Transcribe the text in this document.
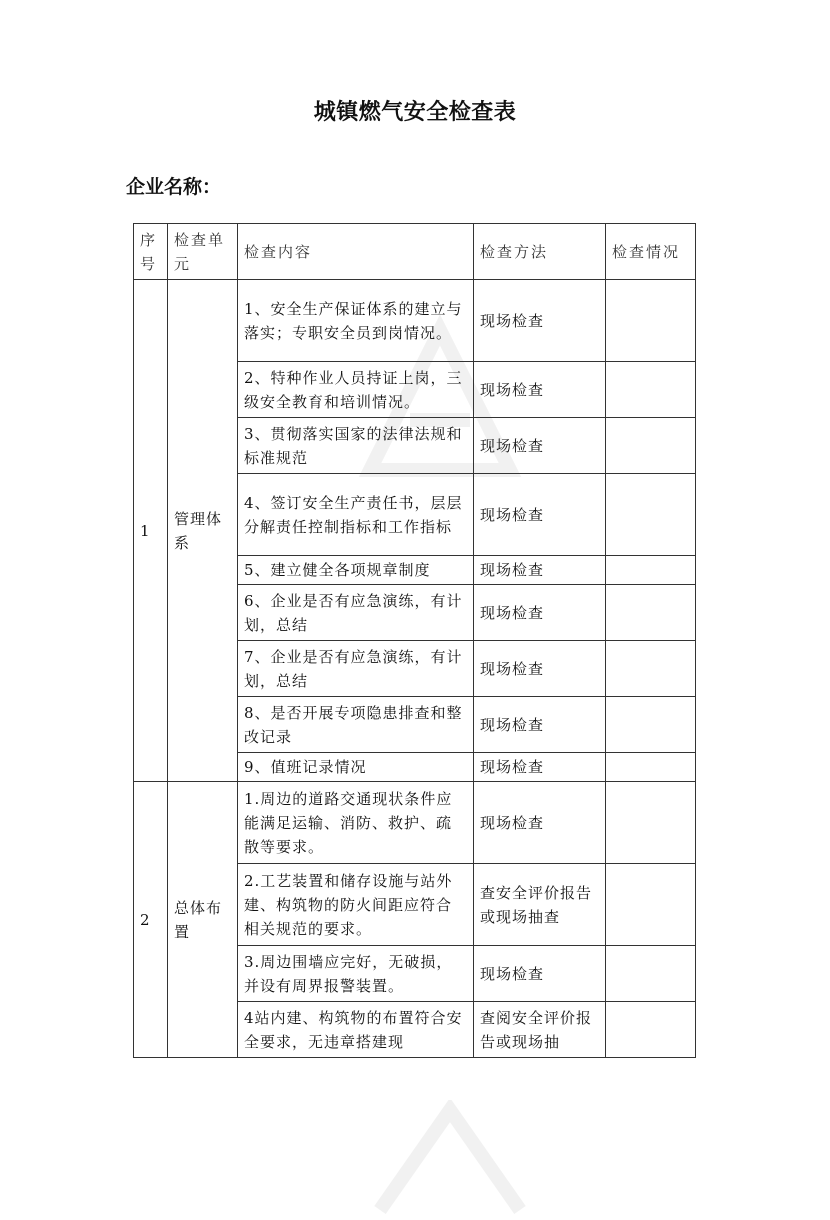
城镇燃气安全检查表
企业名称：
序号	检查单元	检查内容	检查方法	检查情况
1	管理体系	1、安全生产保证体系的建立与落实；专职安全员到岗情况。	现场检查	
		2、特种作业人员持证上岗，三级安全教育和培训情况。	现场检查	
		3、贯彻落实国家的法律法规和标准规范	现场检查	
		4、签订安全生产责任书，层层分解责任控制指标和工作指标	现场检查	
		5、建立健全各项规章制度	现场检查	
		6、企业是否有应急演练，有计划，总结	现场检查	
		7、企业是否有应急演练，有计划，总结	现场检查	
		8、是否开展专项隐患排查和整改记录	现场检查	
		9、值班记录情况	现场检查	
2	总体布置	1.周边的道路交通现状条件应能满足运输、消防、救护、疏散等要求。	现场检查	
		2.工艺装置和储存设施与站外建、构筑物的防火间距应符合相关规范的要求。	查安全评价报告或现场抽查	
		3.周边围墙应完好，无破损，并设有周界报警装置。	现场检查	
		4站内建、构筑物的布置符合安全要求，无违章搭建现	查阅安全评价报告或现场抽	
